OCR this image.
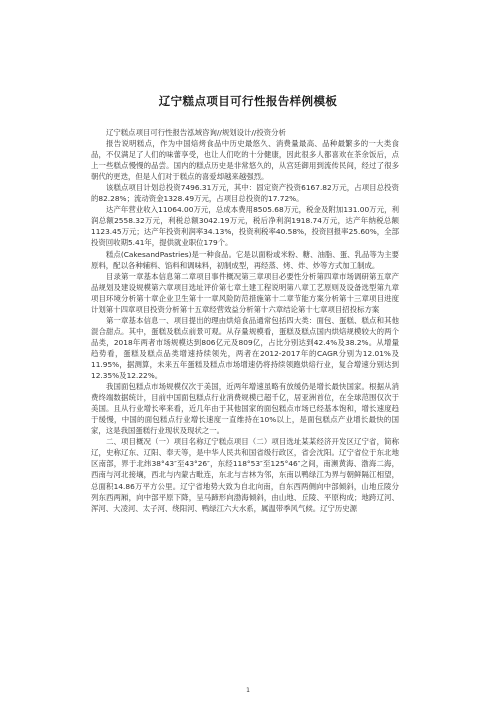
辽宁糕点项目可行性报告样例模板

辽宁糕点项目可行性报告泓域咨询//规划设计//投资分析

报告说明糕点，作为中国焙烤食品中历史最悠久、消费量最高、品种最繁多的一大类食品，不仅满足了人们的味蕾享受，也让人们吃的十分健康，因此很多人都喜欢在茶余饭后，点上一些糕点慢慢的品尝。国内的糕点历史是非常悠久的，从宫廷御用到流传民间，经过了很多朝代的更迭，但是人们对于糕点的喜爱却越来越强烈。

该糕点项目计划总投资7496.31万元，其中：固定资产投资6167.82万元，占项目总投资的82.28%；流动资金1328.49万元，占项目总投资的17.72%。

达产年营业收入11064.00万元，总成本费用8505.68万元，税金及附加131.00万元，利润总额2558.32万元，利税总额3042.19万元，税后净利润1918.74万元，达产年纳税总额1123.45万元；达产年投资利润率34.13%，投资利税率40.58%，投资回报率25.60%，全部投资回收期5.41年，提供就业职位179个。

糕点(CakesandPastries)是一种食品。它是以面粉或米粉、糖、油脂、蛋、乳品等为主要原料，配以各种辅料、馅料和调味料，初制成型，再经蒸、烤、炸、炒等方式加工制成。

目录第一章基本信息第二章项目事件概况第三章项目必要性分析第四章市场调研第五章产品规划及建设规模第六章项目选址评价第七章土建工程说明第八章工艺原则及设备选型第九章项目环境分析第十章企业卫生第十一章风险防范措施第十二章节能方案分析第十三章项目进度计划第十四章项目投资分析第十五章经营效益分析第十六章结论第十七章项目招投标方案

第一章基本信息一、项目提出的理由烘焙食品通常包括四大类：面包、蛋糕、糕点和其他混合甜点。其中，蛋糕及糕点前景可观。从存量规模看，蛋糕及糕点国内烘焙规模较大的两个品类，2018年两者市场规模达到806亿元及809亿，占比分别达到42.4%及38.2%。从增量趋势看，蛋糕及糕点品类增速持续领先，两者在2012-2017年的CAGR分别为12.01%及11.95%，据测算，未来五年蛋糕及糕点市场增速仍将持续领跑烘焙行业，复合增速分别达到12.35%及12.22%。

我国面包糕点市场规模仅次于美国，近两年增速虽略有放缓仍是增长最快国家。根据从消费终端数据统计，目前中国面包糕点行业消费规模已超千亿，居亚洲首位，在全球范围仅次于美国。且从行业增长率来看，近几年由于其他国家的面包糕点市场已经基本饱和，增长速度趋于缓慢，中国的面包糕点行业增长速度一直维持在10%以上，是面包糕点产业增长最快的国家，这是我国蛋糕行业现状及现状之一。

二、项目概况（一）项目名称辽宁糕点项目（二）项目选址某某经济开发区辽宁省，简称辽，史称辽东、辽阳、奉天等，是中华人民共和国省级行政区，省会沈阳。辽宁省位于东北地区南部，界于北纬38°43″至43°26″，东经118°53″至125°46″之间，南濒黄海、渤海二海，西南与河北接壤，西北与内蒙古毗连，东北与吉林为邻，东南以鸭绿江为界与朝鲜隔江相望，总面积14.86万平方公里。辽宁省地势大致为自北向南，自东西两侧向中部倾斜，山地丘陵分列东西两厢，向中部平原下降，呈马蹄形向渤海倾斜，由山地、丘陵、平原构成；地跨辽河、浑河、大凌河、太子河、绕阳河、鸭绿江六大水系，属温带季风气候。辽宁历史源

1
